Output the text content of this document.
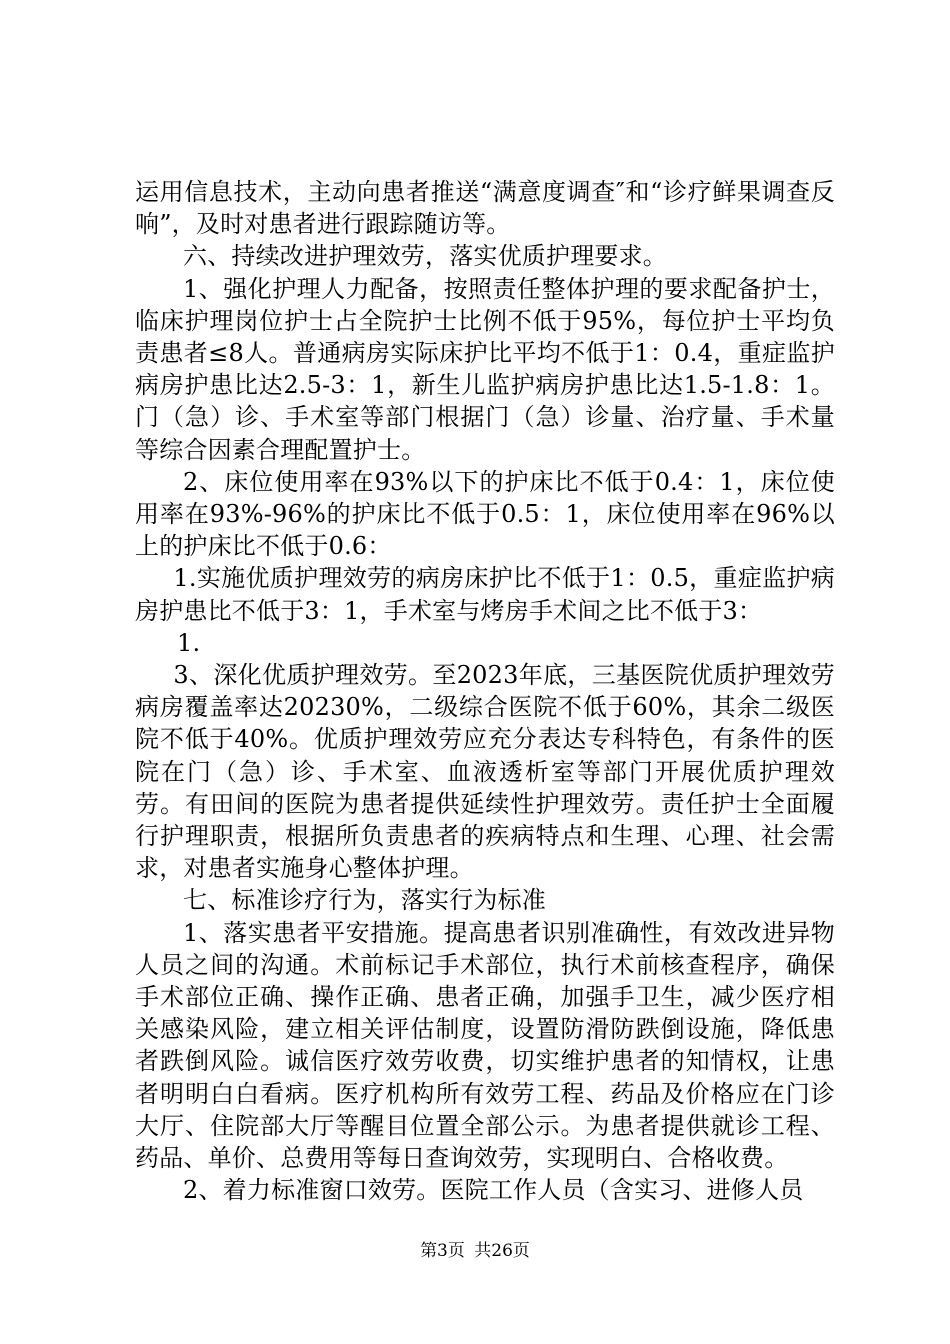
运用信息技术，主动向患者推送“满意度调查″和“诊疗鲜果调查反响”，及时对患者进行跟踪随访等。

六、持续改进护理效劳，落实优质护理要求。

1、强化护理人力配备，按照责任整体护理的要求配备护士，临床护理岗位护士占全院护士比例不低于95%，每位护士平均负责患者≤8人。普通病房实际床护比平均不低于1：0.4，重症监护病房护患比达2.5-3：1，新生儿监护病房护患比达1.5-1.8：1。门（急）诊、手术室等部门根据门（急）诊量、治疗量、手术量等综合因素合理配置护士。

2、床位使用率在93%以下的护床比不低于0.4：1，床位使用率在93%-96%的护床比不低于0.5：1，床位使用率在96%以上的护床比不低于0.6：

1.实施优质护理效劳的病房床护比不低于1：0.5，重症监护病房护患比不低于3：1，手术室与烤房手术间之比不低于3：

1.

3、深化优质护理效劳。至2023年底，三基医院优质护理效劳病房覆盖率达20230%，二级综合医院不低于60%，其余二级医院不低于40%。优质护理效劳应充分表达专科特色，有条件的医院在门（急）诊、手术室、血液透析室等部门开展优质护理效劳。有田间的医院为患者提供延续性护理效劳。责任护士全面履行护理职责，根据所负责患者的疾病特点和生理、心理、社会需求，对患者实施身心整体护理。

七、标准诊疗行为，落实行为标准

1、落实患者平安措施。提高患者识别准确性，有效改进异物人员之间的沟通。术前标记手术部位，执行术前核查程序，确保手术部位正确、操作正确、患者正确，加强手卫生，减少医疗相关感染风险，建立相关评估制度，设置防滑防跌倒设施，降低患者跌倒风险。诚信医疗效劳收费，切实维护患者的知情权，让患者明明白白看病。医疗机构所有效劳工程、药品及价格应在门诊大厅、住院部大厅等醒目位置全部公示。为患者提供就诊工程、药品、单价、总费用等每日查询效劳，实现明白、合格收费。

2、着力标准窗口效劳。医院工作人员（含实习、进修人员

第3页 共26页
